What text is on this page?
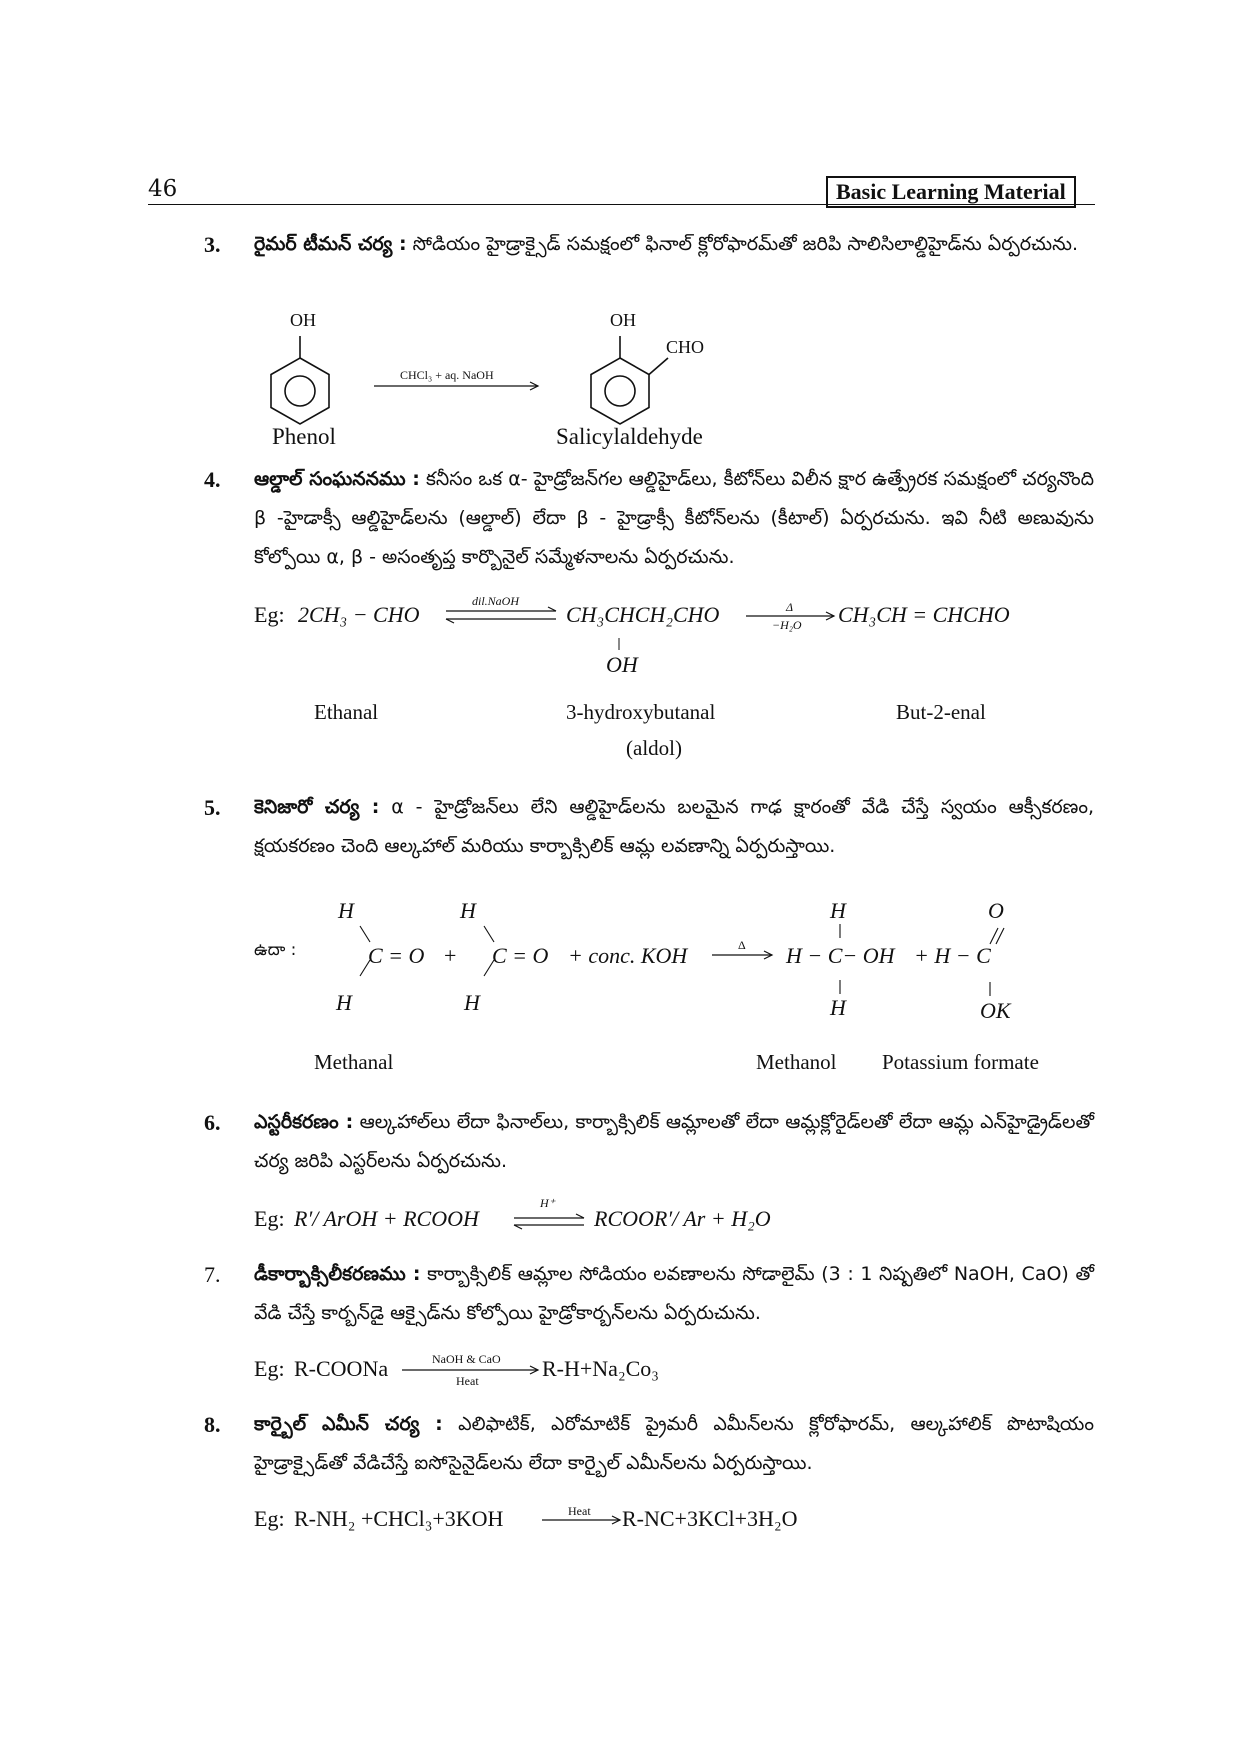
46	Basic Learning Material
3. రైమర్ టీమన్ చర్య : సోడియం హైడ్రాక్సైడ్ సమక్షంలో ఫినాల్ క్లోరోఫారమ్‌తో జరిపి సాలిసిలాల్డిహైడ్‌ను ఏర్పరచును.
OH	OH
CHO
CHCl₃ + aq. NaOH
Phenol	Salicylaldehyde
4. ఆల్డాల్ సంఘననము : కనీసం ఒక α- హైడ్రోజన్‌గల ఆల్డిహైడ్‌లు, కీటోన్‌లు విలీన క్షార ఉత్ప్రేరక సమక్షంలో చర్యనొంది β -హైడాక్సీ ఆల్డిహైడ్‌లను (ఆల్డాల్) లేదా β - హైడ్రాక్సీ కీటోన్‌లను (కీటాల్) ఏర్పరచును. ఇవి నీటి అణువును కోల్పోయి α, β - అసంతృప్త కార్బొనైల్ సమ్మేళనాలను ఏర్పరచును.
Eg: 2CH₃ − CHO
dil.NaOH
CH₃CHCH₂CHO	Δ
−H₂O CH₃CH = CHCHO
OH
Ethanal	3-hydroxybutanal	But-2-enal
(aldol)
5. కెనిజారో చర్య : α - హైడ్రోజన్‌లు లేని ఆల్డిహైడ్‌లను బలమైన గాఢ క్షారంతో వేడి చేస్తే స్వయం ఆక్సీకరణం, క్షయకరణం చెంది ఆల్కహాల్ మరియు కార్బాక్సిలిక్ ఆమ్ల లవణాన్ని ఏర్పరుస్తాయి.
ఉదా :
H
C = O
H
+
H
C = O
H
+ conc. KOH	Δ
H
H − C− OH
H
O
+ H − C
OK
Methanal	Methanol Potassium formate
6. ఎస్టరీకరణం : ఆల్కహాల్‌లు లేదా ఫినాల్‌లు, కార్బాక్సిలిక్ ఆమ్లాలతో లేదా ఆమ్లక్లోరైడ్‌లతో లేదా ఆమ్ల ఎన్‌హైడ్రైడ్‌లతో చర్య జరిపి ఎస్టర్‌లను ఏర్పరచును.
Eg: R′/ ArOH + RCOOH
H⁺
RCOOR′/ Ar + H₂O
7. డీకార్బాక్సిలీకరణము : కార్బాక్సిలిక్ ఆమ్లాల సోడియం లవణాలను సోడాలైమ్ (3 : 1 నిష్పతిలో NaOH, CaO) తో వేడి చేస్తే కార్బన్‌డై ఆక్సైడ్‌ను కోల్పోయి హైడ్రోకార్బన్‌లను ఏర్పరుచును.
Eg: R-COONa	NaOH & CaO
Heat	R-H+Na₂Co₃
8. కార్బైల్ ఎమీన్ చర్య : ఎలిఫాటిక్, ఎరోమాటిక్ ప్రైమరీ ఎమీన్‌లను క్లోరోఫారమ్, ఆల్కహాలిక్ పొటాషియం హైడ్రాక్సైడ్‌తో వేడిచేస్తే ఐసోసైనైడ్‌లను లేదా కార్బైల్ ఎమీన్‌లను ఏర్పరుస్తాయి.
Eg: R-NH₂ +CHCl₃+3KOH	Heat R-NC+3KCl+3H₂O
